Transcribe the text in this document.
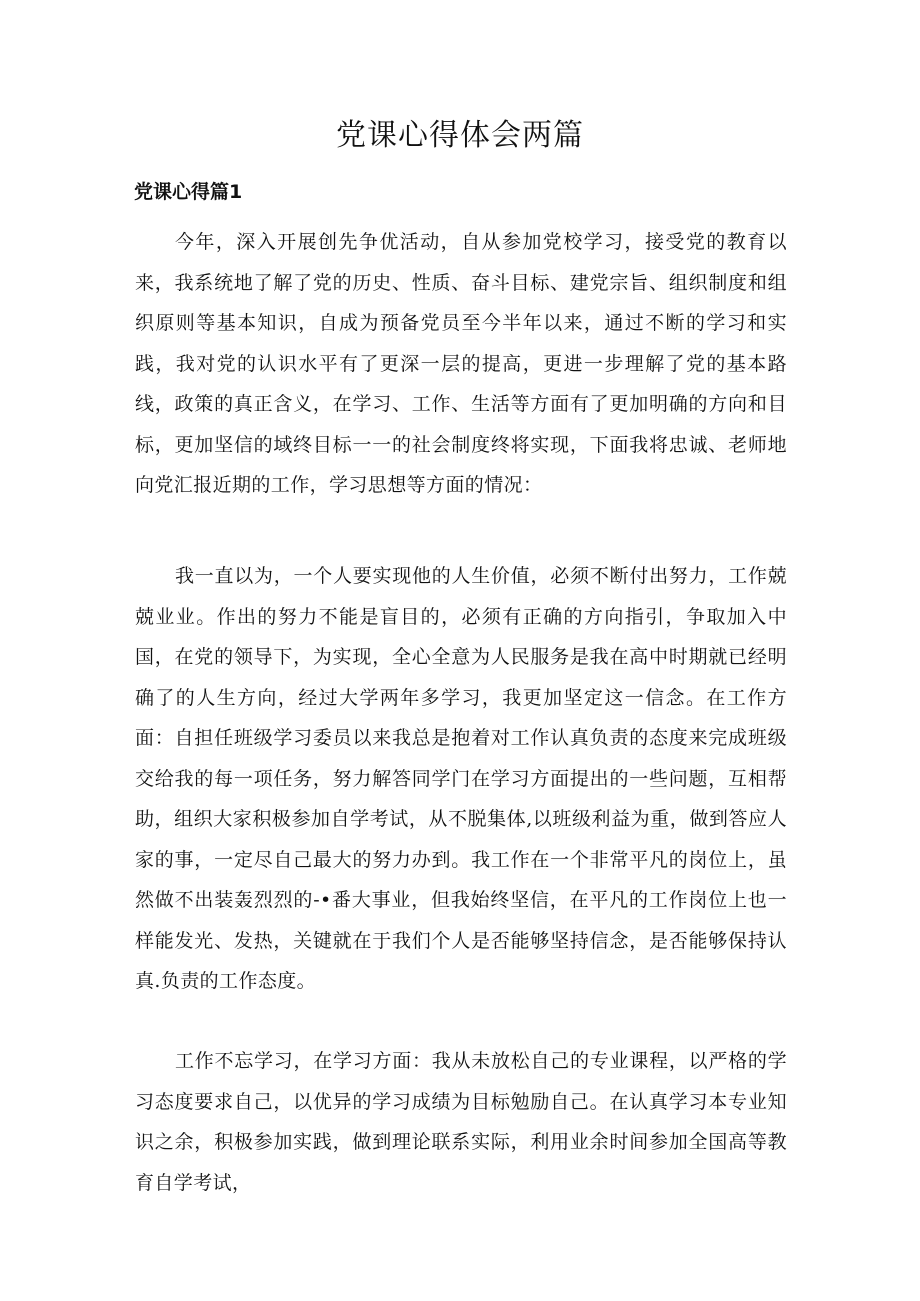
党课心得体会两篇
党课心得篇1

今年，深入开展创先争优活动，自从参加党校学习，接受党的教育以来，我系统地了解了党的历史、性质、奋斗目标、建党宗旨、组织制度和组织原则等基本知识，自成为预备党员至今半年以来，通过不断的学习和实践，我对党的认识水平有了更深一层的提高，更进一步理解了党的基本路线，政策的真正含义，在学习、工作、生活等方面有了更加明确的方向和目标，更加坚信的域终目标一一的社会制度终将实现，下面我将忠诚、老师地向党汇报近期的工作，学习思想等方面的情况：

我一直以为，一个人要实现他的人生价值，必须不断付出努力，工作兢兢业业。作出的努力不能是盲目的，必须有正确的方向指引，争取加入中国，在党的领导下，为实现，全心全意为人民服务是我在高中时期就已经明确了的人生方向，经过大学两年多学习，我更加坚定这一信念。在工作方面：自担任班级学习委员以来我总是抱着对工作认真负责的态度来完成班级交给我的每一项任务，努力解答同学门在学习方面提出的一些问题，互相帮助，组织大家积极参加自学考试，从不脱集体,以班级利益为重，做到答应人家的事，一定尽自己最大的努力办到。我工作在一个非常平凡的岗位上，虽然做不出装轰烈烈的-•番大事业，但我始终坚信，在平凡的工作岗位上也一样能发光、发热，关键就在于我们个人是否能够坚持信念，是否能够保持认真.负责的工作态度。

工作不忘学习，在学习方面：我从未放松自己的专业课程，以严格的学习态度要求自己，以优异的学习成绩为目标勉励自己。在认真学习本专业知识之余，积极参加实践，做到理论联系实际，利用业余时间参加全国高等教育自学考试，
